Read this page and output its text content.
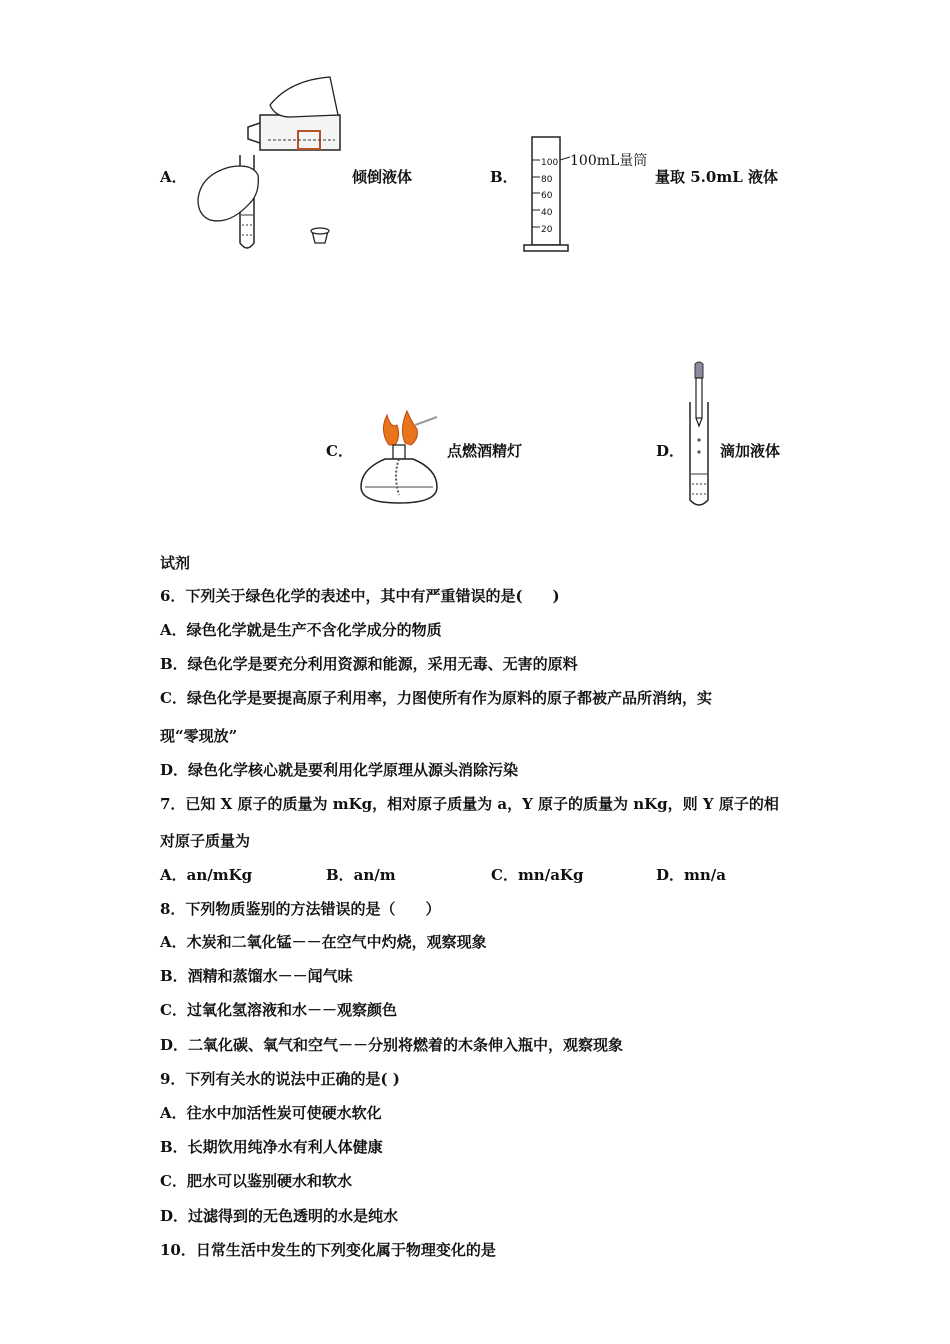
A．	倾倒液体	B．
100
80
60
40
20
100mL量筒
量取 5.0mL 液体
C．	点燃酒精灯	D． 滴加液体
试剂
6．下列关于绿色化学的表述中，其中有严重错误的是(　　)
A．绿色化学就是生产不含化学成分的物质
B．绿色化学是要充分利用资源和能源，采用无毒、无害的原料
C．绿色化学是要提高原子利用率，力图使所有作为原料的原子都被产品所消纳，实
现“零现放”
D．绿色化学核心就是要利用化学原理从源头消除污染
7．已知 X 原子的质量为 mKg，相对原子质量为 a，Y 原子的质量为 nKg，则 Y 原子的相
对原子质量为
A．an/mKg	B．an/m	C．mn/aKg	D．mn/a
8．下列物质鉴别的方法错误的是（　　）
A．木炭和二氧化锰－－在空气中灼烧，观察现象
B．酒精和蒸馏水－－闻气味
C．过氧化氢溶液和水－－观察颜色
D．二氧化碳、氧气和空气－－分别将燃着的木条伸入瓶中，观察现象
9．下列有关水的说法中正确的是( )
A．往水中加活性炭可使硬水软化
B．长期饮用纯净水有利人体健康
C．肥水可以鉴别硬水和软水
D．过滤得到的无色透明的水是纯水
10．日常生活中发生的下列变化属于物理变化的是
